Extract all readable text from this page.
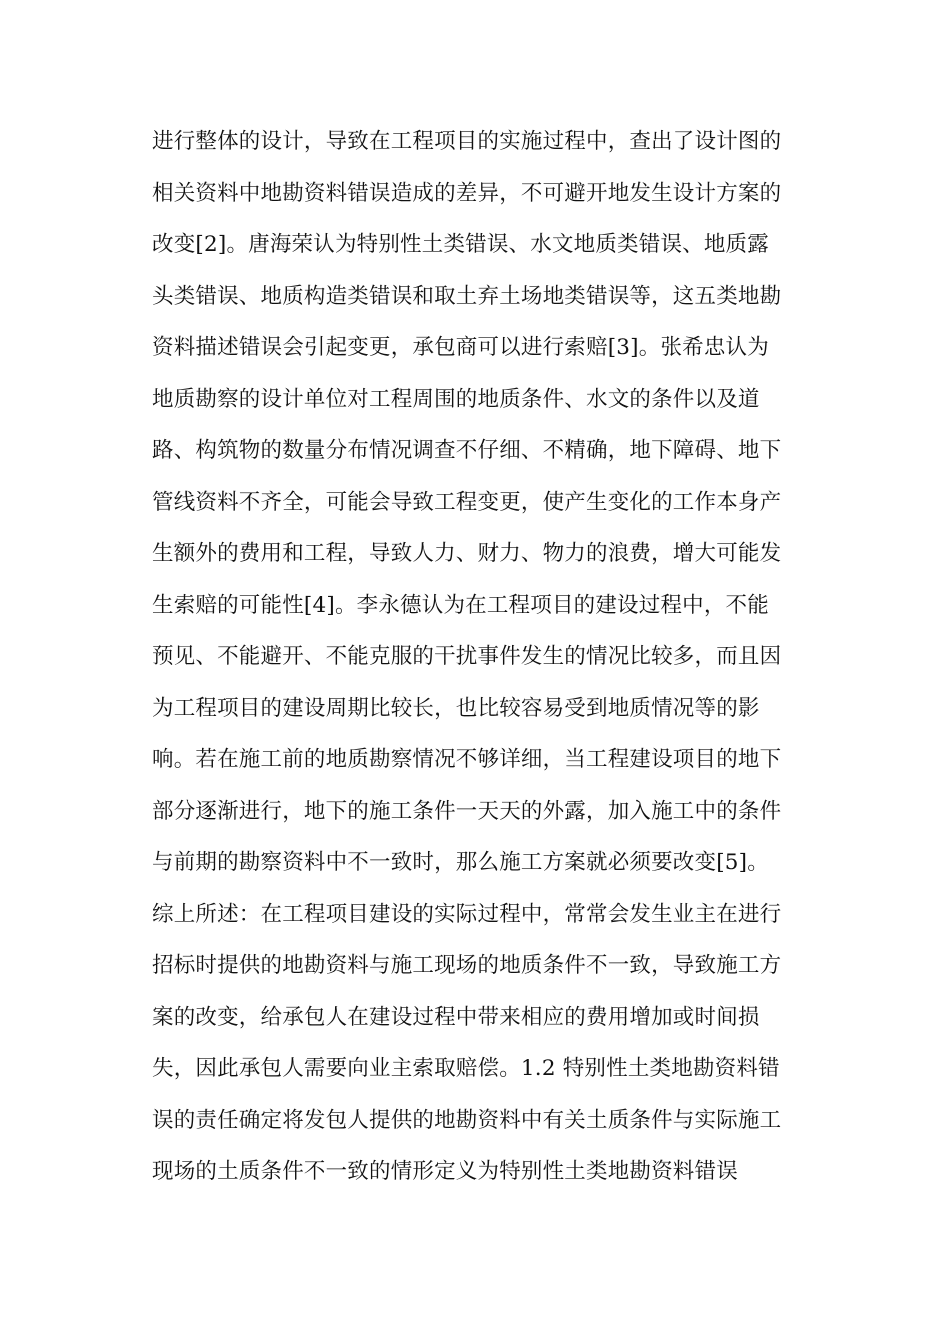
进行整体的设计，导致在工程项目的实施过程中，查出了设计图的
相关资料中地勘资料错误造成的差异，不可避开地发生设计方案的
改变[2]。唐海荣认为特别性土类错误、水文地质类错误、地质露
头类错误、地质构造类错误和取土弃土场地类错误等，这五类地勘
资料描述错误会引起变更，承包商可以进行索赔[3]。张希忠认为
地质勘察的设计单位对工程周围的地质条件、水文的条件以及道
路、构筑物的数量分布情况调查不仔细、不精确，地下障碍、地下
管线资料不齐全，可能会导致工程变更，使产生变化的工作本身产
生额外的费用和工程，导致人力、财力、物力的浪费，增大可能发
生索赔的可能性[4]。李永德认为在工程项目的建设过程中，不能
预见、不能避开、不能克服的干扰事件发生的情况比较多，而且因
为工程项目的建设周期比较长，也比较容易受到地质情况等的影
响。若在施工前的地质勘察情况不够详细，当工程建设项目的地下
部分逐渐进行，地下的施工条件一天天的外露，加入施工中的条件
与前期的勘察资料中不一致时，那么施工方案就必须要改变[5]。
综上所述：在工程项目建设的实际过程中，常常会发生业主在进行
招标时提供的地勘资料与施工现场的地质条件不一致，导致施工方
案的改变，给承包人在建设过程中带来相应的费用增加或时间损
失，因此承包人需要向业主索取赔偿。1.2 特别性土类地勘资料错
误的责任确定将发包人提供的地勘资料中有关土质条件与实际施工
现场的土质条件不一致的情形定义为特别性土类地勘资料错误
